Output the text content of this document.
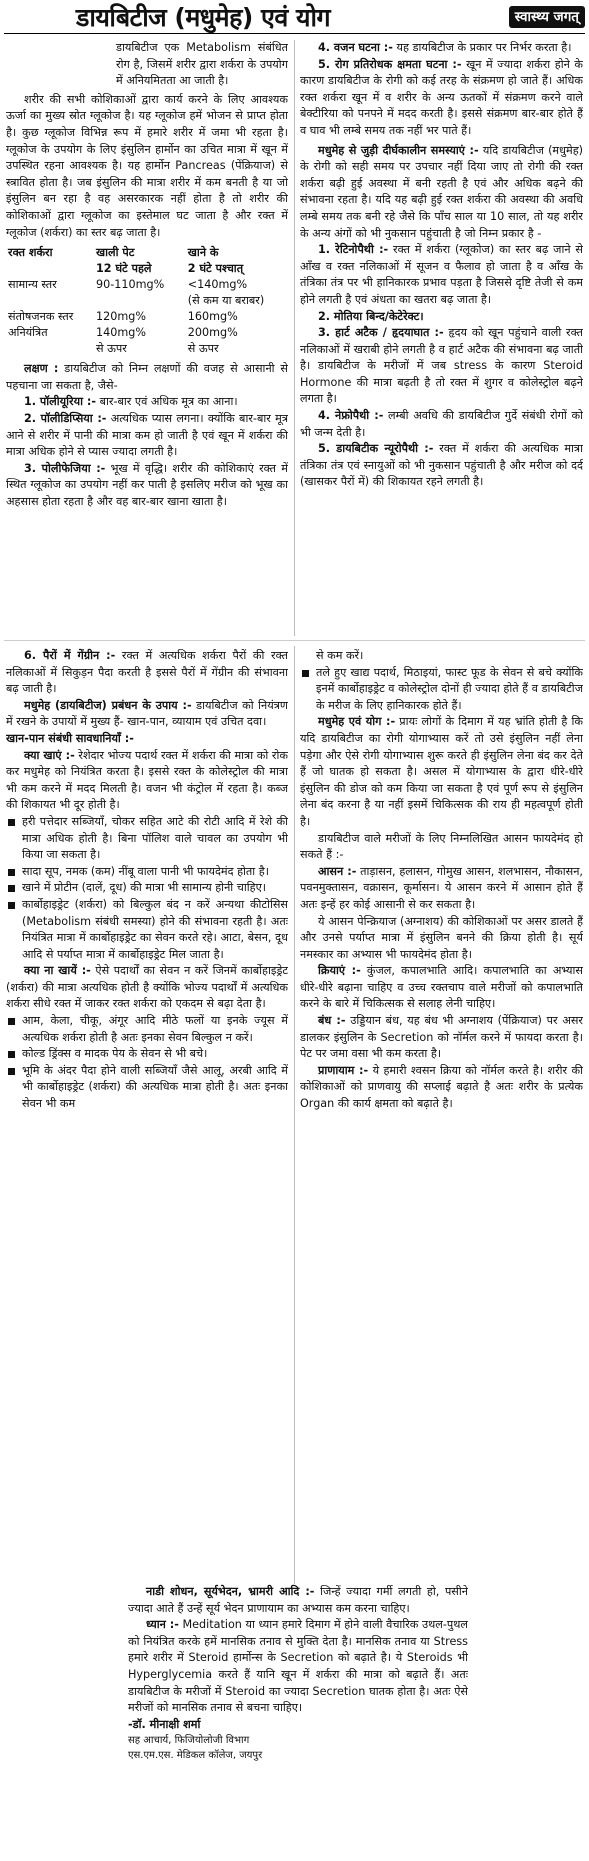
डायबिटीज (मधुमेह) एवं योग	स्वास्थ्य जगत्

डायबिटीज एक Metabolism संबंधित रोग है, जिसमें शरीर द्वारा शर्करा के उपयोग में अनियमितता आ जाती है।

शरीर की सभी कोशिकाओं द्वारा कार्य करने के लिए आवश्यक ऊर्जा का मुख्य स्रोत ग्लूकोज है। यह ग्लूकोज हमें भोजन से प्राप्त होता है। कुछ ग्लूकोज विभिन्न रूप में हमारे शरीर में जमा भी रहता है। ग्लूकोज के उपयोग के लिए इंसुलिन हार्मोन का उचित मात्रा में खून में उपस्थित रहना आवश्यक है। यह हार्मोन Pancreas (पेंक्रियाज) से स्त्रावित होता है। जब इंसुलिन की मात्रा शरीर में कम बनती है या जो इंसुलिन बन रहा है वह असरकारक नहीं होता है तो शरीर की कोशिकाओं द्वारा ग्लूकोज का इस्तेमाल घट जाता है और रक्त में ग्लूकोज (शर्करा) का स्तर बढ़ जाता है।

रक्त शर्करा	खाली पेट	खाने के
	12 घंटे पहले	2 घंटे पश्चात्
सामान्य स्तर	90-110mg%	<140mg%
		(से कम या बराबर)
संतोषजनक स्तर	120mg%	160mg%
अनियंत्रित	140mg%	200mg%
	से ऊपर	से ऊपर

लक्षण : डायबिटीज को निम्न लक्षणों की वजह से आसानी से पहचाना जा सकता है, जैसे-

1. पॉलीयूरिया :- बार-बार एवं अधिक मूत्र का आना।

2. पॉलीडिप्सिया :- अत्यधिक प्यास लगना। क्योंकि बार-बार मूत्र आने से शरीर में पानी की मात्रा कम हो जाती है एवं खून में शर्करा की मात्रा अधिक होने से प्यास ज्यादा लगती है।

3. पोलीफेजिया :- भूख में वृद्धि। शरीर की कोशिकाएं रक्त में स्थित ग्लूकोज का उपयोग नहीं कर पाती है इसलिए मरीज को भूख का अहसास होता रहता है और वह बार-बार खाना खाता है।

4. वजन घटना :- यह डायबिटीज के प्रकार पर निर्भर करता है।

5. रोग प्रतिरोधक क्षमता घटना :- खून में ज्यादा शर्करा होने के कारण डायबिटीज के रोगी को कई तरह के संक्रमण हो जाते हैं। अधिक रक्त शर्करा खून में व शरीर के अन्य ऊतकों में संक्रमण करने वाले बेक्टीरिया को पनपने में मदद करती है। इससे संक्रमण बार-बार होते हैं व घाव भी लम्बे समय तक नहीं भर पाते हैं।

मधुमेह से जुड़ी दीर्घकालीन समस्याएं :- यदि डायबिटीज (मधुमेह) के रोगी को सही समय पर उपचार नहीं दिया जाए तो रोगी की रक्त शर्करा बढ़ी हुई अवस्था में बनी रहती है एवं और अधिक बढ़ने की संभावना रहता है। यदि यह बढ़ी हुई रक्त शर्करा की अवस्था की अवधि लम्बे समय तक बनी रहे जैसे कि पाँच साल या 10 साल, तो यह शरीर के अन्य अंगों को भी नुकसान पहुंचाती है जो निम्न प्रकार है -

1. रेटिनोपैथी :- रक्त में शर्करा (ग्लूकोज) का स्तर बढ़ जाने से आँख व रक्त नलिकाओं में सूजन व फैलाव हो जाता है व आँख के तंत्रिका तंत्र पर भी हानिकारक प्रभाव पड़ता है जिससे दृष्टि तेजी से कम होने लगती है एवं अंधता का खतरा बढ़ जाता है।

2. मोतिया बिन्द/केटेरेक्ट।

3. हार्ट अटैक / हृदयाघात :- हृदय को खून पहुंचाने वाली रक्त नलिकाओं में खराबी होने लगती है व हार्ट अटैक की संभावना बढ़ जाती है। डायबिटीज के मरीजों में जब stress के कारण Steroid Hormone की मात्रा बढ़ती है तो रक्त में शुगर व कोलेस्ट्रोल बढ़ने लगता है।

4. नेफ्रोपैथी :- लम्बी अवधि की डायबिटीज गुर्दे संबंधी रोगों को भी जन्म देती है।

5. डायबिटीक न्यूरोपैथी :- रक्त में शर्करा की अत्यधिक मात्रा तंत्रिका तंत्र एवं स्नायुओं को भी नुकसान पहुंचाती है और मरीज को दर्द (खासकर पैरों में) की शिकायत रहने लगती है।

6. पैरों में गेंग्रीन :- रक्त में अत्यधिक शर्करा पैरों की रक्त नलिकाओं में सिकुड़न पैदा करती है इससे पैरों में गेंग्रीन की संभावना बढ़ जाती है।

मधुमेह (डायबिटीज) प्रबंधन के उपाय :- डायबिटीज को नियंत्रण में रखने के उपायों में मुख्य हैं- खान-पान, व्यायाम एवं उचित दवा।

खान-पान संबंधी सावधानियाँ :-

क्या खाएं :- रेशेदार भोज्य पदार्थ रक्त में शर्करा की मात्रा को रोक कर मधुमेह को नियंत्रित करता है। इससे रक्त के कोलेस्ट्रोल की मात्रा भी कम करने में मदद मिलती है। वजन भी कंट्रोल में रहता है। कब्ज की शिकायत भी दूर होती है।

हरी पत्तेदार सब्जियाँ, चोकर सहित आटे की रोटी आदि में रेशे की मात्रा अधिक होती है। बिना पॉलिश वाले चावल का उपयोग भी किया जा सकता है।

सादा सूप, नमक (कम) नींबू वाला पानी भी फायदेमंद होता है।

खाने में प्रोटीन (दालें, दूध) की मात्रा भी सामान्य होनी चाहिए।

कार्बोहाइड्रेट (शर्करा) को बिल्कुल बंद न करें अन्यथा कीटोसिस (Metabolism संबंधी समस्या) होने की संभावना रहती है। अतः नियंत्रित मात्रा में कार्बोहाइड्रेट का सेवन करते रहे। आटा, बेसन, दूध आदि से पर्याप्त मात्रा में कार्बोहाइड्रेट मिल जाता है।

क्या ना खायें :- ऐसे पदार्थों का सेवन न करें जिनमें कार्बोहाइड्रेट (शर्करा) की मात्रा अत्यधिक होती है क्योंकि भोज्य पदार्थों में अत्यधिक शर्करा सीधे रक्त में जाकर रक्त शर्करा को एकदम से बढ़ा देता है।

आम, केला, चीकू, अंगूर आदि मीठे फलों या इनके ज्यूस में अत्यधिक शर्करा होती है अतः इनका सेवन बिल्कुल न करें।

कोल्ड ड्रिंक्स व मादक पेय के सेवन से भी बचे।

भूमि के अंदर पैदा होने वाली सब्जियाँ जैसे आलू, अरबी आदि में भी कार्बोहाइड्रेट (शर्करा) की अत्यधिक मात्रा होती है। अतः इनका सेवन भी कम

से कम करें।

तले हुए खाद्य पदार्थ, मिठाइयां, फास्ट फूड के सेवन से बचे क्योंकि इनमें कार्बोहाइड्रेट व कोलेस्ट्रोल दोनों ही ज्यादा होते हैं व डायबिटीज के मरीज के लिए हानिकारक होते हैं।

मधुमेह एवं योग :- प्रायः लोगों के दिमाग में यह भ्रांति होती है कि यदि डायबिटीज का रोगी योगाभ्यास करें तो उसे इंसुलिन नहीं लेना पड़ेगा और ऐसे रोगी योगाभ्यास शुरू करते ही इंसुलिन लेना बंद कर देते हैं जो घातक हो सकता है। असल में योगाभ्यास के द्वारा धीरे-धीरे इंसुलिन की डोज को कम किया जा सकता है एवं पूर्ण रूप से इंसुलिन लेना बंद करना है या नहीं इसमें चिकित्सक की राय ही महत्वपूर्ण होती है।

डायबिटीज वाले मरीजों के लिए निम्नलिखित आसन फायदेमंद हो सकते हैं :-

आसन :- ताड़ासन, हलासन, गोमुख आसन, शलभासन, नौकासन, पवनमुक्तासन, वक्रासन, कूर्मासन। ये आसन करने में आसान होते हैं अतः इन्हें हर कोई आसानी से कर सकता है।

ये आसन पेन्क्रियाज (अग्नाशय) की कोशिकाओं पर असर डालते हैं और उनसे पर्याप्त मात्रा में इंसुलिन बनने की क्रिया होती है। सूर्य नमस्कार का अभ्यास भी फायदेमंद होता है।

क्रियाएं :- कुंजल, कपालभाति आदि। कपालभाति का अभ्यास धीरे-धीरे बढ़ाना चाहिए व उच्च रक्तचाप वाले मरीजों को कपालभाति करने के बारे में चिकित्सक से सलाह लेनी चाहिए।

बंध :- उड्डियान बंध, यह बंध भी अग्नाशय (पेंक्रियाज) पर असर डालकर इंसुलिन के Secretion को नॉर्मल करने में फायदा करता है। पेट पर जमा वसा भी कम करता है।

प्राणायाम :- ये हमारी श्वसन क्रिया को नॉर्मल करते है। शरीर की कोशिकाओं को प्राणवायु की सप्लाई बढ़ाते है अतः शरीर के प्रत्येक Organ की कार्य क्षमता को बढ़ाते है।

नाडी शोधन, सूर्यभेदन, भ्रामरी आदि :- जिन्हें ज्यादा गर्मी लगती हो, पसीने ज्यादा आते हैं उन्हें सूर्य भेदन प्राणायाम का अभ्यास कम करना चाहिए।

ध्यान :- Meditation या ध्यान हमारे दिमाग में होने वाली वैचारिक उथल-पुथल को नियंत्रित करके हमें मानसिक तनाव से मुक्ति देता है। मानसिक तनाव या Stress हमारे शरीर में Steroid हार्मोन्स के Secretion को बढ़ाते है। ये Steroids भी Hyperglycemia करते हैं यानि खून में शर्करा की मात्रा को बढ़ाते हैं। अतः डायबिटीज के मरीजों में Steroid का ज्यादा Secretion घातक होता है। अतः ऐसे मरीजों को मानसिक तनाव से बचना चाहिए।

-डॉ. मीनाक्षी शर्मा

सह आचार्य, फिजियोलोजी विभाग

एस.एम.एस. मेडिकल कॉलेज, जयपुर
